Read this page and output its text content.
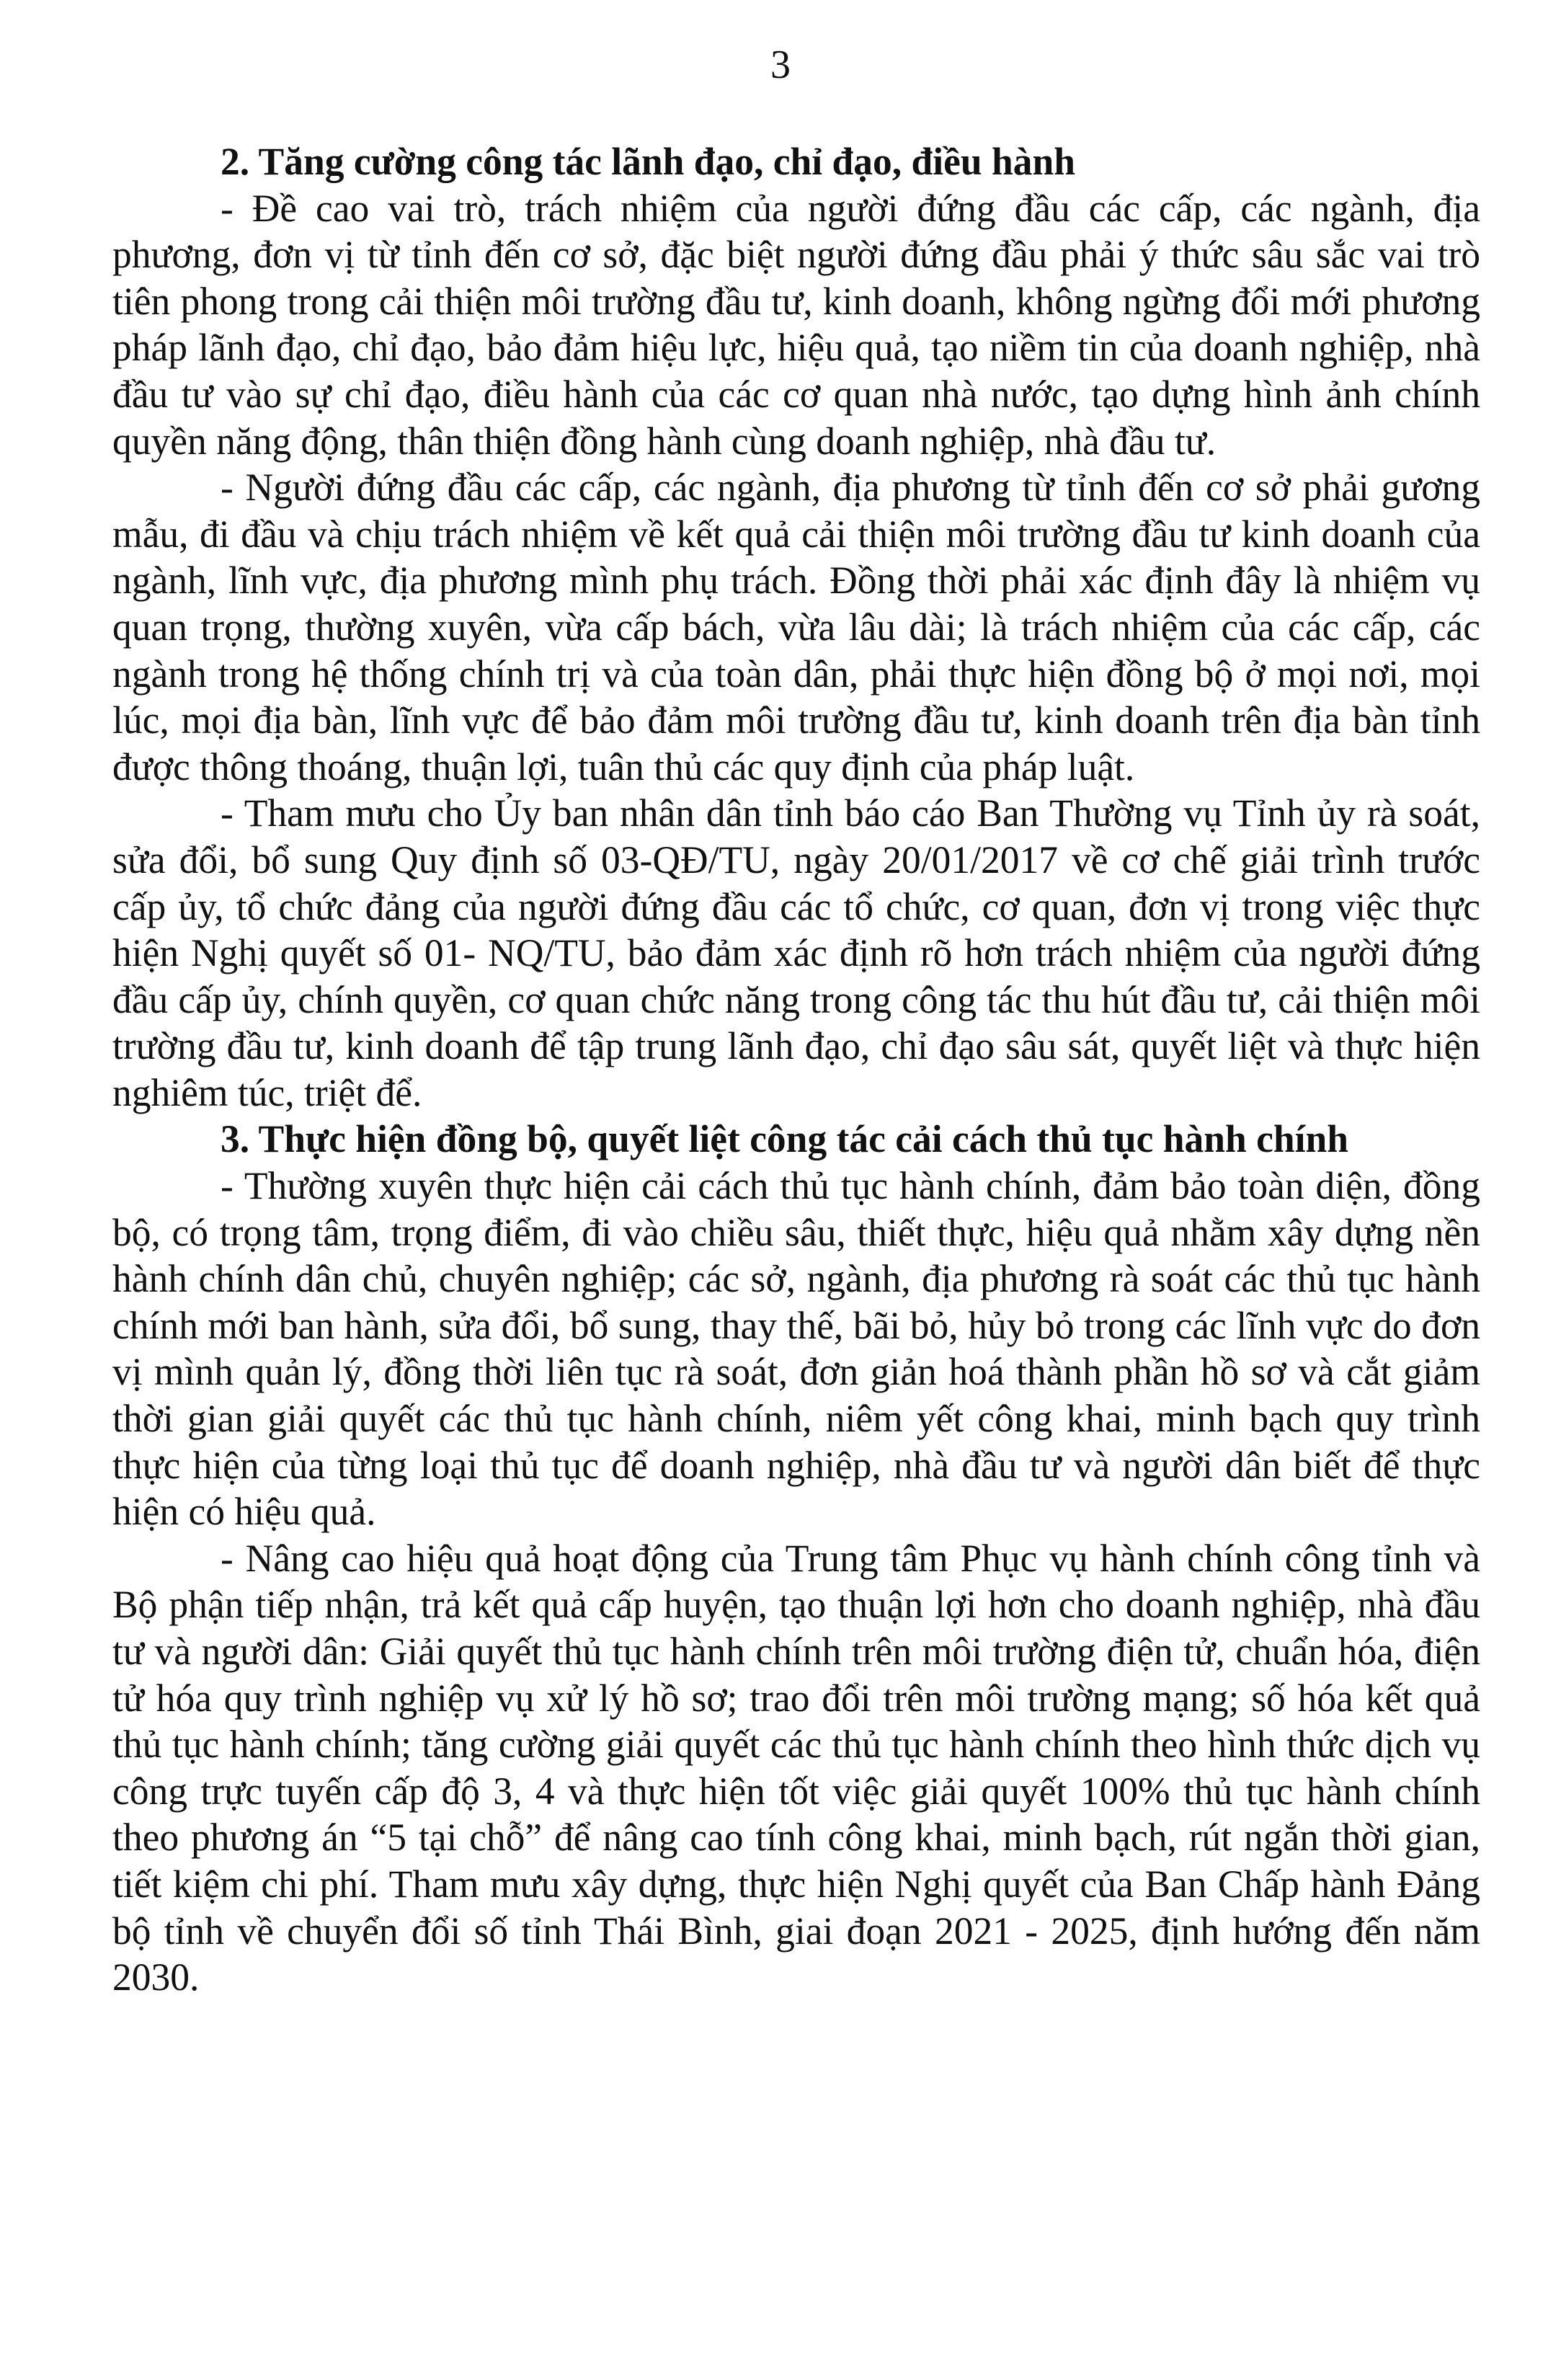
3
2. Tăng cường công tác lãnh đạo, chỉ đạo, điều hành

- Đề cao vai trò, trách nhiệm của người đứng đầu các cấp, các ngành, địa phương, đơn vị từ tỉnh đến cơ sở, đặc biệt người đứng đầu phải ý thức sâu sắc vai trò tiên phong trong cải thiện môi trường đầu tư, kinh doanh, không ngừng đổi mới phương pháp lãnh đạo, chỉ đạo, bảo đảm hiệu lực, hiệu quả, tạo niềm tin của doanh nghiệp, nhà đầu tư vào sự chỉ đạo, điều hành của các cơ quan nhà nước, tạo dựng hình ảnh chính quyền năng động, thân thiện đồng hành cùng doanh nghiệp, nhà đầu tư.

- Người đứng đầu các cấp, các ngành, địa phương từ tỉnh đến cơ sở phải gương mẫu, đi đầu và chịu trách nhiệm về kết quả cải thiện môi trường đầu tư kinh doanh của ngành, lĩnh vực, địa phương mình phụ trách. Đồng thời phải xác định đây là nhiệm vụ quan trọng, thường xuyên, vừa cấp bách, vừa lâu dài; là trách nhiệm của các cấp, các ngành trong hệ thống chính trị và của toàn dân, phải thực hiện đồng bộ ở mọi nơi, mọi lúc, mọi địa bàn, lĩnh vực để bảo đảm môi trường đầu tư, kinh doanh trên địa bàn tỉnh được thông thoáng, thuận lợi, tuân thủ các quy định của pháp luật.

- Tham mưu cho Ủy ban nhân dân tỉnh báo cáo Ban Thường vụ Tỉnh ủy rà soát, sửa đổi, bổ sung Quy định số 03-QĐ/TU, ngày 20/01/2017 về cơ chế giải trình trước cấp ủy, tổ chức đảng của người đứng đầu các tổ chức, cơ quan, đơn vị trong việc thực hiện Nghị quyết số 01- NQ/TU, bảo đảm xác định rõ hơn trách nhiệm của người đứng đầu cấp ủy, chính quyền, cơ quan chức năng trong công tác thu hút đầu tư, cải thiện môi trường đầu tư, kinh doanh để tập trung lãnh đạo, chỉ đạo sâu sát, quyết liệt và thực hiện nghiêm túc, triệt để.

3. Thực hiện đồng bộ, quyết liệt công tác cải cách thủ tục hành chính

- Thường xuyên thực hiện cải cách thủ tục hành chính, đảm bảo toàn diện, đồng bộ, có trọng tâm, trọng điểm, đi vào chiều sâu, thiết thực, hiệu quả nhằm xây dựng nền hành chính dân chủ, chuyên nghiệp; các sở, ngành, địa phương rà soát các thủ tục hành chính mới ban hành, sửa đổi, bổ sung, thay thế, bãi bỏ, hủy bỏ trong các lĩnh vực do đơn vị mình quản lý, đồng thời liên tục rà soát, đơn giản hoá thành phần hồ sơ và cắt giảm thời gian giải quyết các thủ tục hành chính, niêm yết công khai, minh bạch quy trình thực hiện của từng loại thủ tục để doanh nghiệp, nhà đầu tư và người dân biết để thực hiện có hiệu quả.

- Nâng cao hiệu quả hoạt động của Trung tâm Phục vụ hành chính công tỉnh và Bộ phận tiếp nhận, trả kết quả cấp huyện, tạo thuận lợi hơn cho doanh nghiệp, nhà đầu tư và người dân: Giải quyết thủ tục hành chính trên môi trường điện tử, chuẩn hóa, điện tử hóa quy trình nghiệp vụ xử lý hồ sơ; trao đổi trên môi trường mạng; số hóa kết quả thủ tục hành chính; tăng cường giải quyết các thủ tục hành chính theo hình thức dịch vụ công trực tuyến cấp độ 3, 4 và thực hiện tốt việc giải quyết 100% thủ tục hành chính theo phương án “5 tại chỗ” để nâng cao tính công khai, minh bạch, rút ngắn thời gian, tiết kiệm chi phí. Tham mưu xây dựng, thực hiện Nghị quyết của Ban Chấp hành Đảng bộ tỉnh về chuyển đổi số tỉnh Thái Bình, giai đoạn 2021 - 2025, định hướng đến năm 2030.
